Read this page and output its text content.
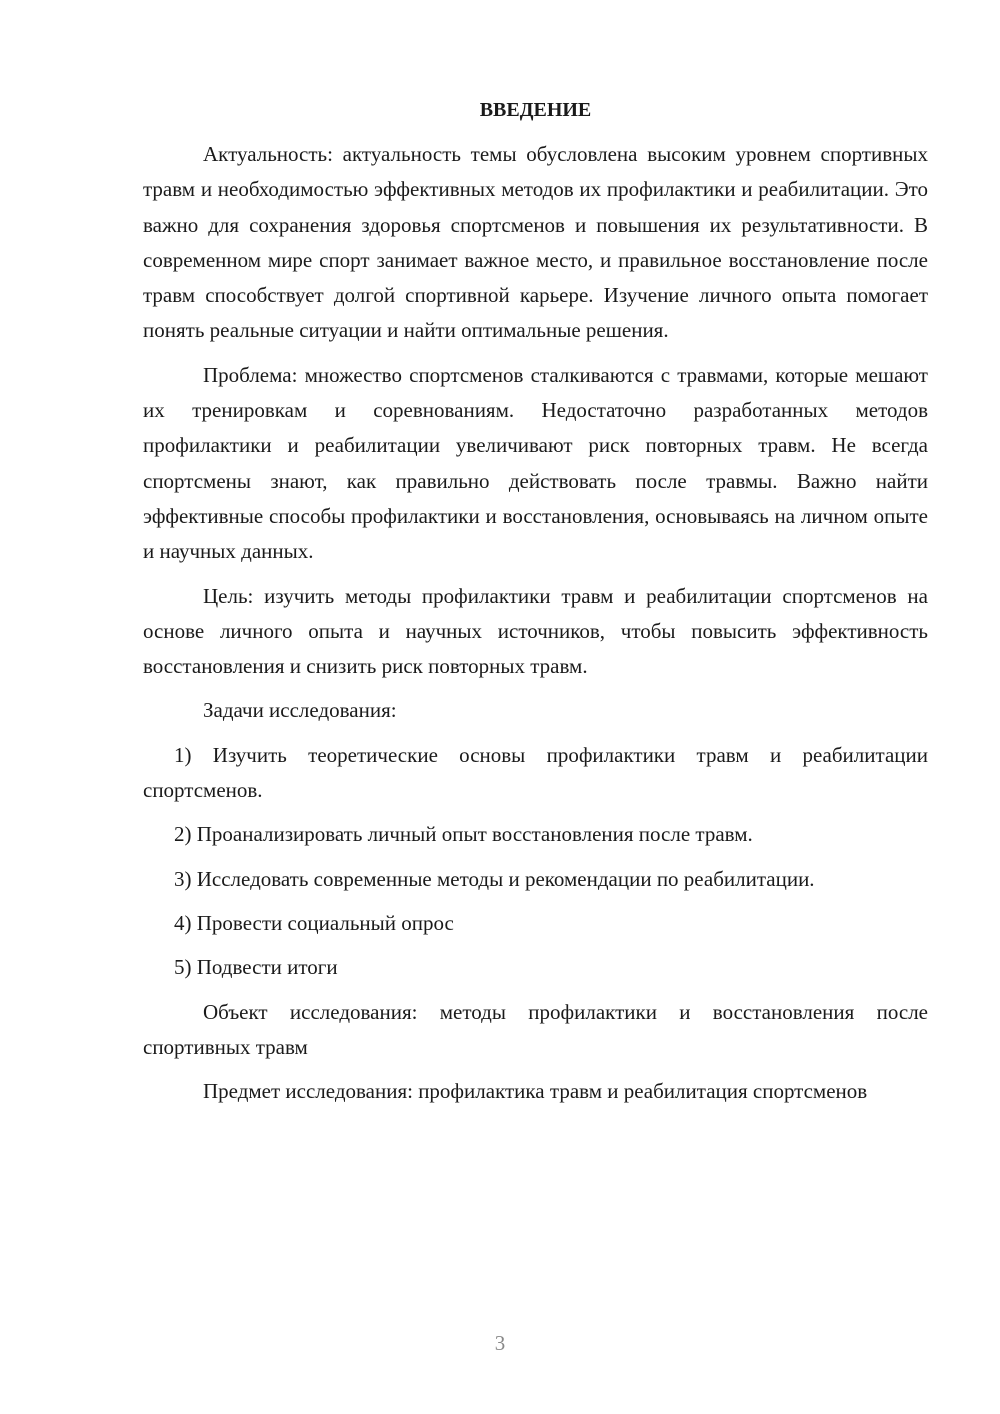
ВВЕДЕНИЕ

Актуальность: актуальность темы обусловлена высоким уровнем спортивных травм и необходимостью эффективных методов их профилактики и реабилитации. Это важно для сохранения здоровья спортсменов и повышения их результативности. В современном мире спорт занимает важное место, и правильное восстановление после травм способствует долгой спортивной карьере. Изучение личного опыта помогает понять реальные ситуации и найти оптимальные решения.

Проблема: множество спортсменов сталкиваются с травмами, которые мешают их тренировкам и соревнованиям. Недостаточно разработанных методов профилактики и реабилитации увеличивают риск повторных травм. Не всегда спортсмены знают, как правильно действовать после травмы. Важно найти эффективные способы профилактики и восстановления, основываясь на личном опыте и научных данных.

Цель: изучить методы профилактики травм и реабилитации спортсменов на основе личного опыта и научных источников, чтобы повысить эффективность восстановления и снизить риск повторных травм.

Задачи исследования:

1) Изучить теоретические основы профилактики травм и реабилитации спортсменов.

2) Проанализировать личный опыт восстановления после травм.

3) Исследовать современные методы и рекомендации по реабилитации.

4) Провести социальный опрос

5) Подвести итоги

Объект исследования: методы профилактики и восстановления после спортивных травм

Предмет исследования: профилактика травм и реабилитация спортсменов

3
